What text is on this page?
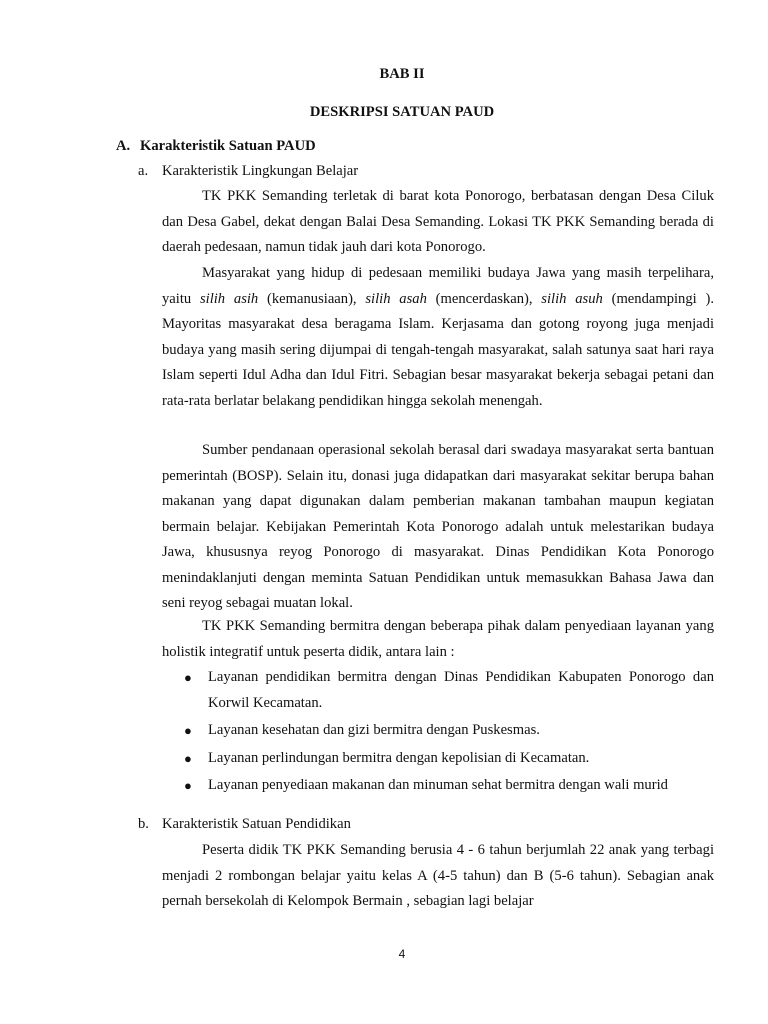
BAB II
DESKRIPSI SATUAN PAUD
A. Karakteristik Satuan PAUD
a. Karakteristik Lingkungan Belajar

TK PKK Semanding terletak di barat kota Ponorogo, berbatasan dengan Desa Ciluk dan Desa Gabel, dekat dengan Balai Desa Semanding. Lokasi TK PKK Semanding berada di daerah pedesaan, namun tidak jauh dari kota Ponorogo.

Masyarakat yang hidup di pedesaan memiliki budaya Jawa yang masih terpelihara, yaitu silih asih (kemanusiaan), silih asah (mencerdaskan), silih asuh (mendampingi ). Mayoritas masyarakat desa beragama Islam. Kerjasama dan gotong royong juga menjadi budaya yang masih sering dijumpai di tengah-tengah masyarakat, salah satunya saat hari raya Islam seperti Idul Adha dan Idul Fitri. Sebagian besar masyarakat bekerja sebagai petani dan rata-rata berlatar belakang pendidikan hingga sekolah menengah.

Sumber pendanaan operasional sekolah berasal dari swadaya masyarakat serta bantuan pemerintah (BOSP). Selain itu, donasi juga didapatkan dari masyarakat sekitar berupa bahan makanan yang dapat digunakan dalam pemberian makanan tambahan maupun kegiatan bermain belajar. Kebijakan Pemerintah Kota Ponorogo adalah untuk melestarikan budaya Jawa, khususnya reyog Ponorogo di masyarakat. Dinas Pendidikan Kota Ponorogo menindaklanjuti dengan meminta Satuan Pendidikan untuk memasukkan Bahasa Jawa dan seni reyog sebagai muatan lokal.

TK PKK Semanding bermitra dengan beberapa pihak dalam penyediaan layanan yang holistik integratif untuk peserta didik, antara lain :

● Layanan pendidikan bermitra dengan Dinas Pendidikan Kabupaten Ponorogo dan Korwil Kecamatan.
● Layanan kesehatan dan gizi bermitra dengan Puskesmas.
● Layanan perlindungan bermitra dengan kepolisian di Kecamatan.
● Layanan penyediaan makanan dan minuman sehat bermitra dengan wali murid
b. Karakteristik Satuan Pendidikan

Peserta didik TK PKK Semanding berusia 4 - 6 tahun berjumlah 22 anak yang terbagi menjadi 2 rombongan belajar yaitu kelas A (4-5 tahun) dan B (5-6 tahun). Sebagian anak pernah bersekolah di Kelompok Bermain , sebagian lagi belajar

4
